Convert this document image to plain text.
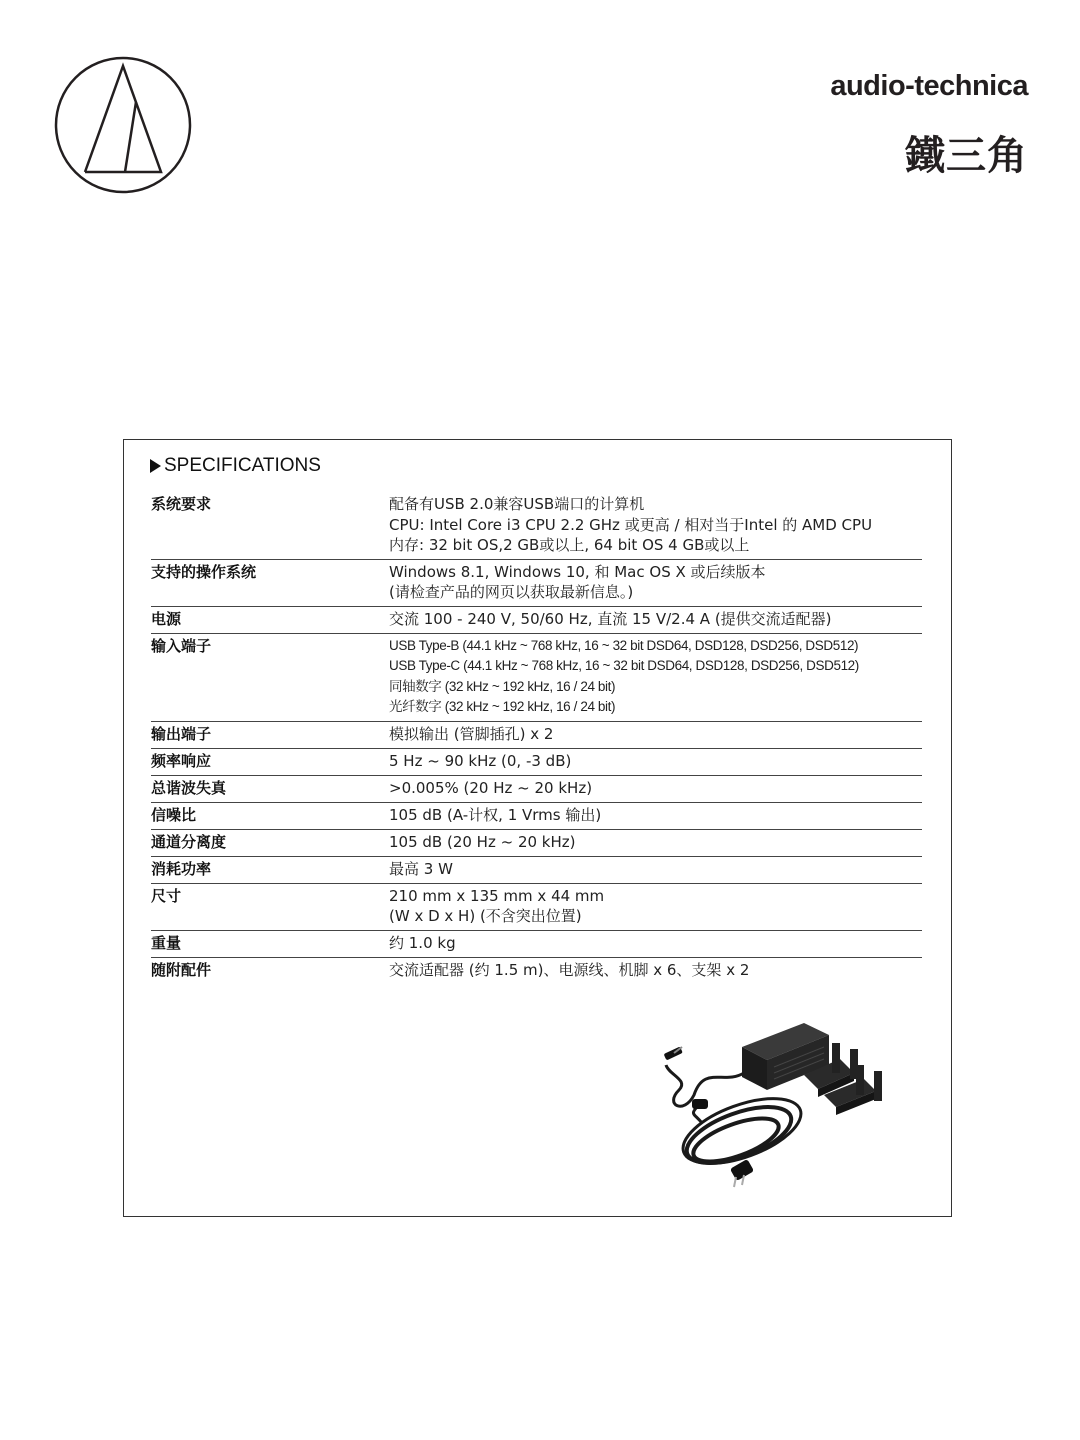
audio-technica
鐵三角
SPECIFICATIONS
系统要求	配备有USB 2.0兼容USB端口的计算机
CPU: Intel Core i3 CPU 2.2 GHz 或更高 / 相对当于Intel 的 AMD CPU
内存: 32 bit OS,2 GB或以上, 64 bit OS 4 GB或以上
支持的操作系统	Windows 8.1, Windows 10, 和 Mac OS X 或后续版本
(请检查产品的网页以获取最新信息。)
电源	交流 100 - 240 V, 50/60 Hz, 直流 15 V/2.4 A (提供交流适配器)
输入端子	USB Type-B (44.1 kHz ~ 768 kHz, 16 ~ 32 bit DSD64, DSD128, DSD256, DSD512)
USB Type-C (44.1 kHz ~ 768 kHz, 16 ~ 32 bit DSD64, DSD128, DSD256, DSD512)
同轴数字 (32 kHz ~ 192 kHz, 16 / 24 bit)
光纤数字 (32 kHz ~ 192 kHz, 16 / 24 bit)
输出端子	模拟输出 (管脚插孔) x 2
频率响应	5 Hz ~ 90 kHz (0, -3 dB)
总谐波失真	>0.005% (20 Hz ~ 20 kHz)
信噪比	105 dB (A-计权, 1 Vrms 输出)
通道分离度	105 dB (20 Hz ~ 20 kHz)
消耗功率	最高 3 W
尺寸	210 mm x 135 mm x 44 mm
(W x D x H) (不含突出位置)
重量	约 1.0 kg
随附配件	交流适配器 (约 1.5 m)、电源线、机脚 x 6、支架 x 2
